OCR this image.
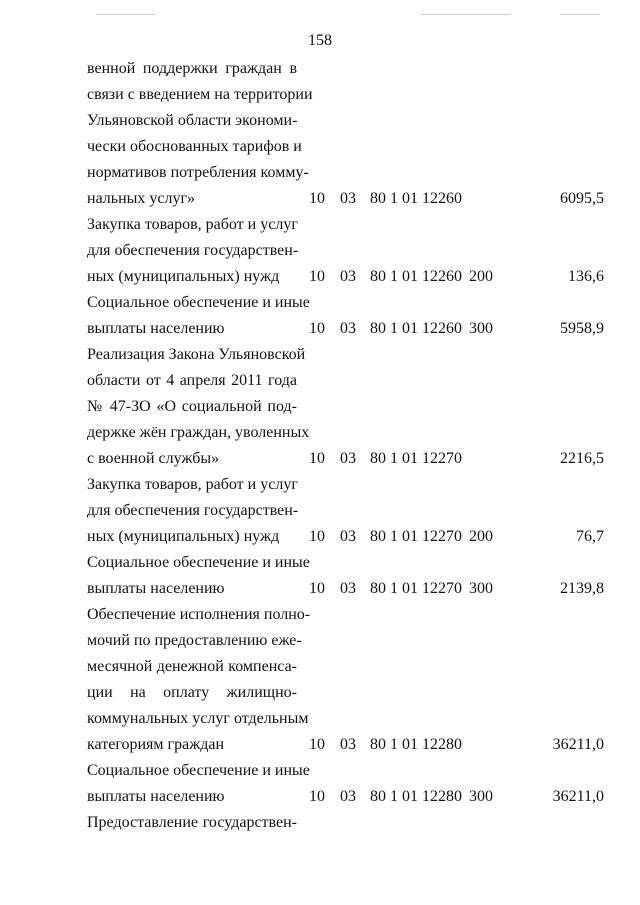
158
венной поддержки граждан в
связи с введением на территории
Ульяновской области экономи-
чески обоснованных тарифов и
нормативов потребления комму-
нальных услуг»	10 03 80 1 01 12260	6095,5
Закупка товаров, работ и услуг
для обеспечения государствен-
ных (муниципальных) нужд	10 03 80 1 01 12260 200	136,6
Социальное обеспечение и иные
выплаты населению	10 03 80 1 01 12260 300	5958,9
Реализация Закона Ульяновской
области от 4 апреля 2011 года
№ 47-ЗО «О социальной под-
держке жён граждан, уволенных
с военной службы»	10 03 80 1 01 12270	2216,5
Закупка товаров, работ и услуг
для обеспечения государствен-
ных (муниципальных) нужд	10 03 80 1 01 12270 200	76,7
Социальное обеспечение и иные
выплаты населению	10 03 80 1 01 12270 300	2139,8
Обеспечение исполнения полно-
мочий по предоставлению еже-
месячной денежной компенса-
ции на оплату жилищно-
коммунальных услуг отдельным
категориям граждан	10 03 80 1 01 12280	36211,0
Социальное обеспечение и иные
выплаты населению	10 03 80 1 01 12280 300	36211,0
Предоставление государствен-
